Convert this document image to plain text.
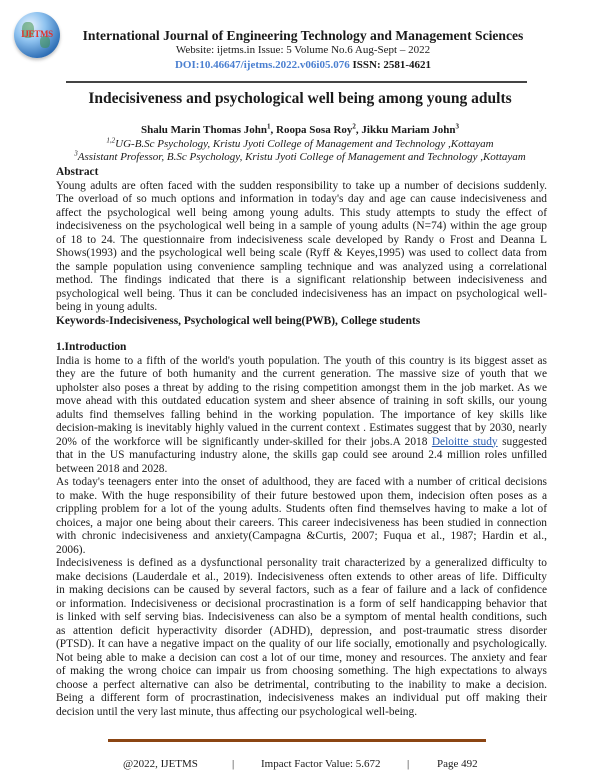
IJETMS	International Journal of Engineering Technology and Management Sciences
Website: ijetms.in Issue: 5 Volume No.6 Aug-Sept – 2022
DOI:10.46647/ijetms.2022.v06i05.076 ISSN: 2581-4621
Indecisiveness and psychological well being among young adults
Shalu Marin Thomas John$^1$, Roopa Sosa Roy$^2$, Jikku Mariam John$^3$
$^{1,2}$UG-B.Sc Psychology, Kristu Jyoti College of Management and Technology ,Kottayam
$^3$Assistant Professor, B.Sc Psychology, Kristu Jyoti College of Management and Technology ,Kottayam
Abstract
Young adults are often faced with the sudden responsibility to take up a number of decisions suddenly.
The overload of so much options and information in today's day and age can cause indecisiveness and
affect the psychological well being among young adults. This study attempts to study the effect of
indecisiveness on the psychological well being in a sample of young adults (N=74) within the age group
of 18 to 24. The questionnaire from indecisiveness scale developed by Randy o Frost and Deanna L
Shows(1993) and the psychological well being scale (Ryff & Keyes,1995) was used to collect data from
the sample population using convenience sampling technique and was analyzed using a correlational
method. The findings indicated that there is a significant relationship between indecisiveness and
psychological well being. Thus it can be concluded indecisiveness has an impact on psychological well-
being in young adults.
Keywords-Indecisiveness, Psychological well being(PWB), College students
1.Introduction
India is home to a fifth of the world's youth population. The youth of this country is its biggest asset as
they are the future of both humanity and the current generation. The massive size of youth that we
upholster also poses a threat by adding to the rising competition amongst them in the job market. As we
move ahead with this outdated education system and sheer absence of training in soft skills, our young
adults find themselves falling behind in the working population. The importance of key skills like
decision-making is inevitably highly valued in the current context . Estimates suggest that by 2030, nearly
20% of the workforce will be significantly under-skilled for their jobs.A 2018 Deloitte study suggested
that in the US manufacturing industry alone, the skills gap could see around 2.4 million roles unfilled
between 2018 and 2028.
As today's teenagers enter into the onset of adulthood, they are faced with a number of critical decisions
to make. With the huge responsibility of their future bestowed upon them, indecision often poses as a
crippling problem for a lot of the young adults. Students often find themselves having to make a lot of
choices, a major one being about their careers. This career indecisiveness has been studied in connection
with chronic indecisiveness and anxiety(Campagna &Curtis, 2007; Fuqua et al., 1987; Hardin et al.,
2006).
Indecisiveness is defined as a dysfunctional personality trait characterized by a generalized difficulty to
make decisions (Lauderdale et al., 2019). Indecisiveness often extends to other areas of life. Difficulty
in making decisions can be caused by several factors, such as a fear of failure and a lack of confidence
or information. Indecisiveness or decisional procrastination is a form of self handicapping behavior that
is linked with self serving bias. Indecisiveness can also be a symptom of mental health conditions, such
as attention deficit hyperactivity disorder (ADHD), depression, and post-traumatic stress disorder
(PTSD). It can have a negative impact on the quality of our life socially, emotionally and psychologically.
Not being able to make a decision can cost a lot of our time, money and resources. The anxiety and fear
of making the wrong choice can impair us from choosing something. The high expectations to always
choose a perfect alternative can also be detrimental, contributing to the inability to make a decision.
Being a different form of procrastination, indecisiveness makes an individual put off making their
decision until the very last minute, thus affecting our psychological well-being.
@2022, IJETMS	| Impact Factor Value: 5.672 |	Page 492
